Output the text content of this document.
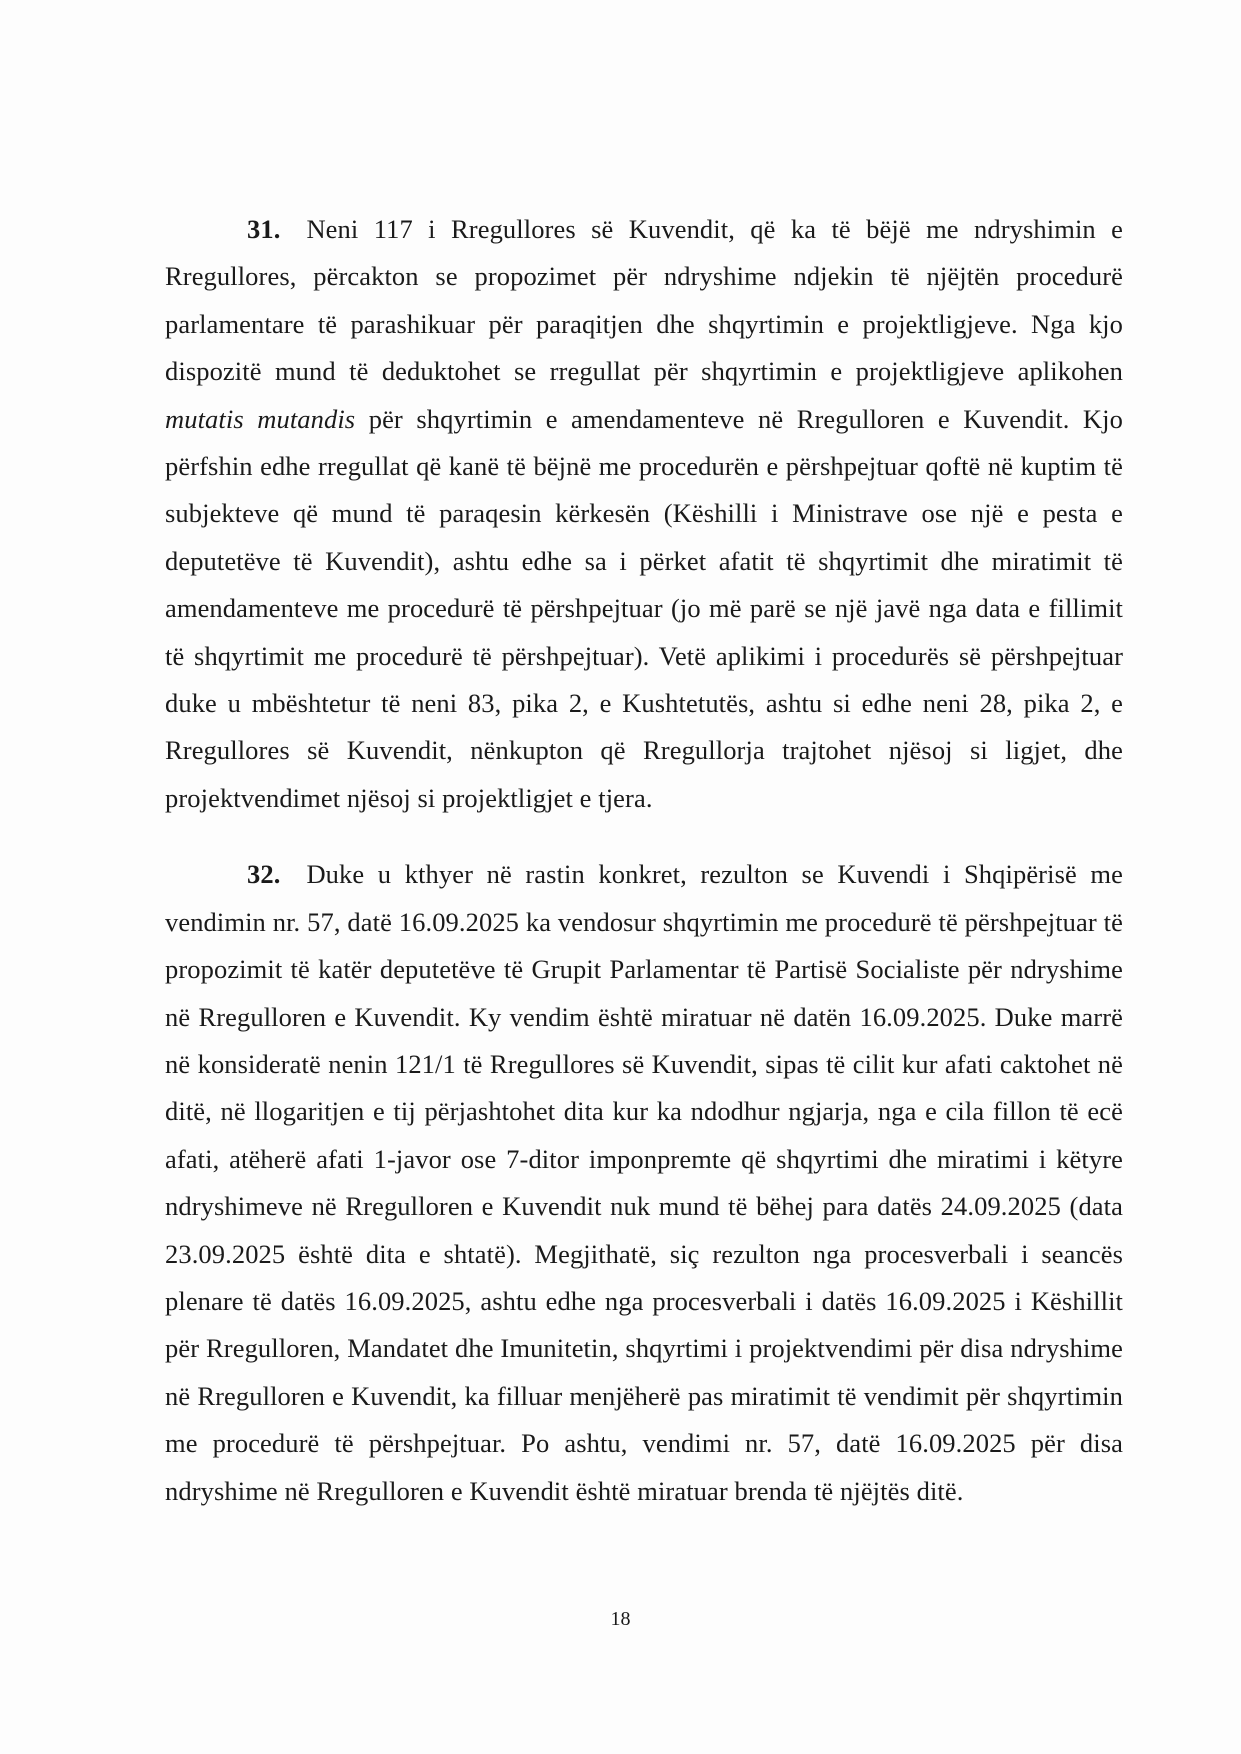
31. Neni 117 i Rregullores së Kuvendit, që ka të bëjë me ndryshimin e Rregullores, përcakton se propozimet për ndryshime ndjekin të njëjtën procedurë parlamentare të parashikuar për paraqitjen dhe shqyrtimin e projektligjeve. Nga kjo dispozitë mund të deduktohet se rregullat për shqyrtimin e projektligjeve aplikohen mutatis mutandis për shqyrtimin e amendamenteve në Rregulloren e Kuvendit. Kjo përfshin edhe rregullat që kanë të bëjnë me procedurën e përshpejtuar qoftë në kuptim të subjekteve që mund të paraqesin kërkesën (Këshilli i Ministrave ose një e pesta e deputetëve të Kuvendit), ashtu edhe sa i përket afatit të shqyrtimit dhe miratimit të amendamenteve me procedurë të përshpejtuar (jo më parë se një javë nga data e fillimit të shqyrtimit me procedurë të përshpejtuar). Vetë aplikimi i procedurës së përshpejtuar duke u mbështetur të neni 83, pika 2, e Kushtetutës, ashtu si edhe neni 28, pika 2, e Rregullores së Kuvendit, nënkupton që Rregullorja trajtohet njësoj si ligjet, dhe projektvendimet njësoj si projektligjet e tjera.

32. Duke u kthyer në rastin konkret, rezulton se Kuvendi i Shqipërisë me vendimin nr. 57, datë 16.09.2025 ka vendosur shqyrtimin me procedurë të përshpejtuar të propozimit të katër deputetëve të Grupit Parlamentar të Partisë Socialiste për ndryshime në Rregulloren e Kuvendit. Ky vendim është miratuar në datën 16.09.2025. Duke marrë në konsideratë nenin 121/1 të Rregullores së Kuvendit, sipas të cilit kur afati caktohet në ditë, në llogaritjen e tij përjashtohet dita kur ka ndodhur ngjarja, nga e cila fillon të ecë afati, atëherë afati 1-javor ose 7-ditor imponpremte që shqyrtimi dhe miratimi i këtyre ndryshimeve në Rregulloren e Kuvendit nuk mund të bëhej para datës 24.09.2025 (data 23.09.2025 është dita e shtatë). Megjithatë, siç rezulton nga procesverbali i seancës plenare të datës 16.09.2025, ashtu edhe nga procesverbali i datës 16.09.2025 i Këshillit për Rregulloren, Mandatet dhe Imunitetin, shqyrtimi i projektvendimi për disa ndryshime në Rregulloren e Kuvendit, ka filluar menjëherë pas miratimit të vendimit për shqyrtimin me procedurë të përshpejtuar. Po ashtu, vendimi nr. 57, datë 16.09.2025 për disa ndryshime në Rregulloren e Kuvendit është miratuar brenda të njëjtës ditë.

18
